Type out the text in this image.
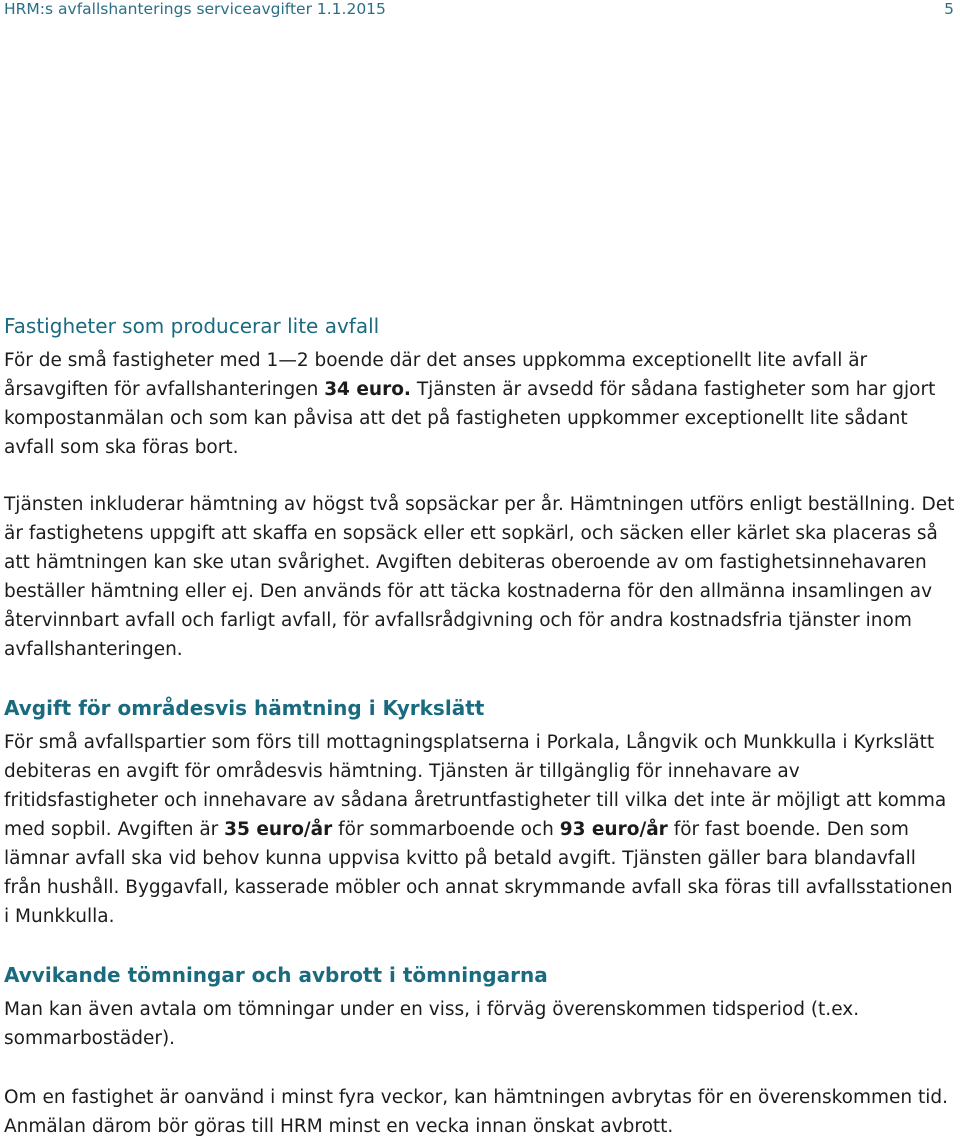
HRM:s avfallshanterings serviceavgifter 1.1.2015	5
Fastigheter som producerar lite avfall

För de små fastigheter med 1—2 boende där det anses uppkomma exceptionellt lite avfall är årsavgiften för avfallshanteringen 34 euro. Tjänsten är avsedd för sådana fastigheter som har gjort kompostanmälan och som kan påvisa att det på fastigheten uppkommer exceptionellt lite sådant avfall som ska föras bort.

Tjänsten inkluderar hämtning av högst två sopsäckar per år. Hämtningen utförs enligt beställning. Det är fastighetens uppgift att skaffa en sopsäck eller ett sopkärl, och säcken eller kärlet ska placeras så att hämtningen kan ske utan svårighet. Avgiften debiteras oberoende av om fastighetsinnehavaren beställer hämtning eller ej. Den används för att täcka kostnaderna för den allmänna insamlingen av återvinnbart avfall och farligt avfall, för avfallsrådgivning och för andra kostnadsfria tjänster inom avfallshanteringen.

Avgift för områdesvis hämtning i Kyrkslätt

För små avfallspartier som förs till mottagningsplatserna i Porkala, Långvik och Munkkulla i Kyrkslätt debiteras en avgift för områdesvis hämtning. Tjänsten är tillgänglig för innehavare av fritidsfastigheter och innehavare av sådana åretruntfastigheter till vilka det inte är möjligt att komma med sopbil. Avgiften är 35 euro/år för sommarboende och 93 euro/år för fast boende. Den som lämnar avfall ska vid behov kunna uppvisa kvitto på betald avgift. Tjänsten gäller bara blandavfall från hushåll. Byggavfall, kasserade möbler och annat skrymmande avfall ska föras till avfallsstationen i Munkkulla.

Avvikande tömningar och avbrott i tömningarna

Man kan även avtala om tömningar under en viss, i förväg överenskommen tidsperiod (t.ex. sommarbostäder).

Om en fastighet är oanvänd i minst fyra veckor, kan hämtningen avbrytas för en överenskommen tid. Anmälan därom bör göras till HRM minst en vecka innan önskat avbrott.
